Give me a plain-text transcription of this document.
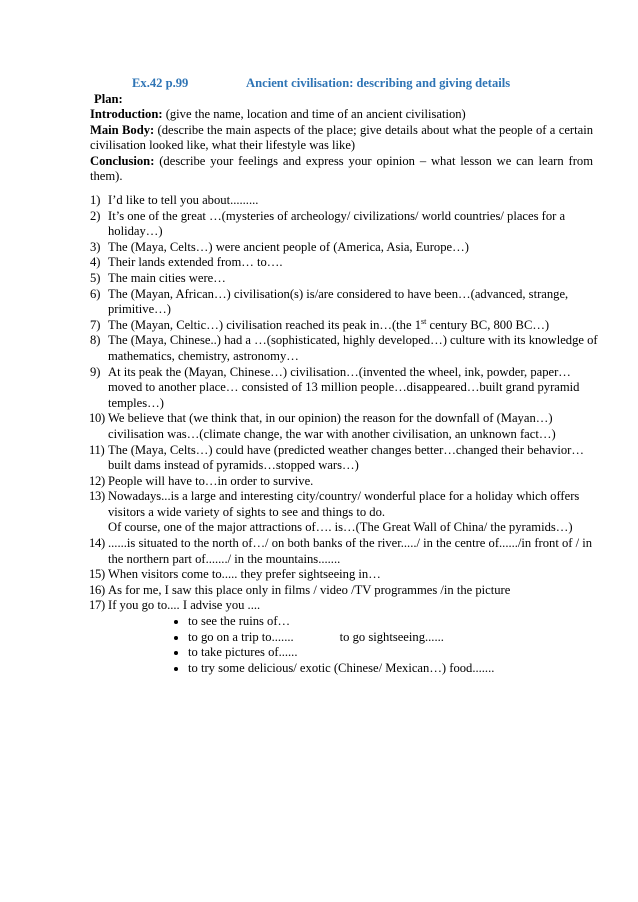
Ex.42 p.99	Ancient civilisation: describing and giving details
Plan:

Introduction: (give the name, location and time of an ancient civilisation)

Main Body: (describe the main aspects of the place; give details about what the people of a certain civilisation looked like, what their lifestyle was like)

Conclusion: (describe your feelings and express your opinion – what lesson we can learn from them).

1) I’d like to tell you about.........
2) It’s one of the great …(mysteries of archeology/ civilizations/ world countries/ places for a holiday…)
3) The (Maya, Celts…) were ancient people of (America, Asia, Europe…)
4) Their lands extended from… to….
5) The main cities were…
6) The (Mayan, African…) civilisation(s) is/are considered to have been…(advanced, strange, primitive…)
7) The (Mayan, Celtic…) civilisation reached its peak in…(the 1st century BC, 800 BC…)
8) The (Maya, Chinese..) had a …(sophisticated, highly developed…) culture with its knowledge of mathematics, chemistry, astronomy…
9) At its peak the (Mayan, Chinese…) civilisation…(invented the wheel, ink, powder, paper…moved to another place… consisted of 13 million people…disappeared…built grand pyramid temples…)
10) We believe that (we think that, in our opinion) the reason for the downfall of (Mayan…) civilisation was…(climate change, the war with another civilisation, an unknown fact…)
11) The (Maya, Celts…) could have (predicted weather changes better…changed their behavior… built dams instead of pyramids…stopped wars…)
12) People will have to…in order to survive.
13) Nowadays...is a large and interesting city/country/ wonderful place for a holiday which offers visitors a wide variety of sights to see and things to do.
Of course, one of the major attractions of…. is…(The Great Wall of China/ the pyramids…)
14) ......is situated to the north of…/ on both banks of the river...../ in the centre of....../in front of / in the northern part of......./ in the mountains.......
15) When visitors come to..... they prefer sightseeing in…
16) As for me, I saw this place only in films / video /TV programmes /in the picture
17) If you go to.... I advise you ....
to see the ruins of…
to go on a trip to.......	to go sightseeing......
to take pictures of......
to try some delicious/ exotic (Chinese/ Mexican…) food.......
